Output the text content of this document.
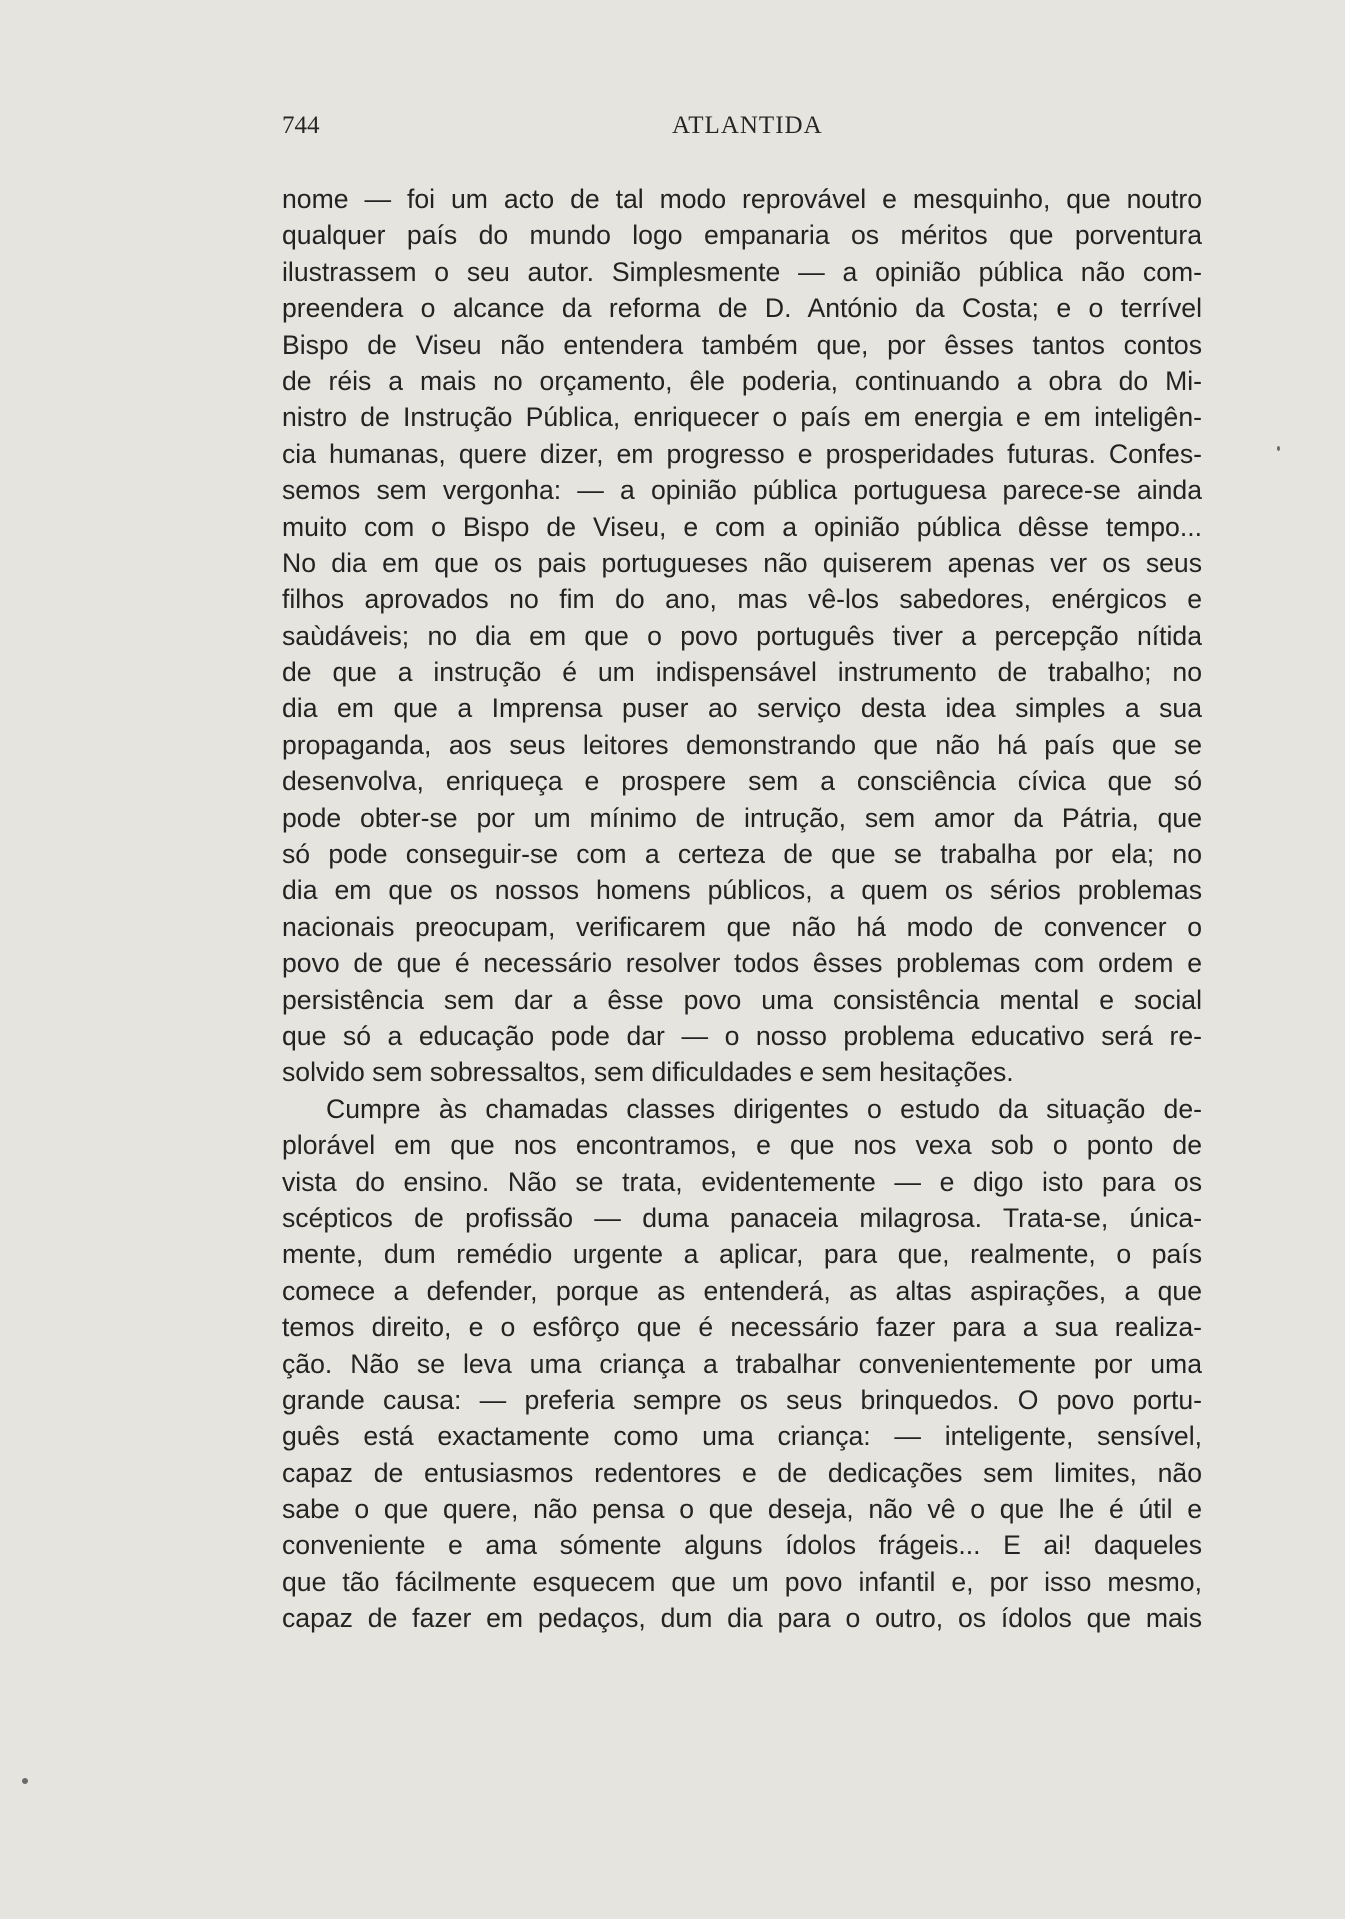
744	ATLANTIDA
nome — foi um acto de tal modo reprovável e mesquinho, que noutro
qualquer país do mundo logo empanaria os méritos que porventura
ilustrassem o seu autor. Simplesmente — a opinião pública não com-
preendera o alcance da reforma de D. António da Costa; e o terrível
Bispo de Viseu não entendera também que, por êsses tantos contos
de réis a mais no orçamento, êle poderia, continuando a obra do Mi-
nistro de Instrução Pública, enriquecer o país em energia e em inteligên-
cia humanas, quere dizer, em progresso e prosperidades futuras. Confes-
semos sem vergonha: — a opinião pública portuguesa parece-se ainda
muito com o Bispo de Viseu, e com a opinião pública dêsse tempo...
No dia em que os pais portugueses não quiserem apenas ver os seus
filhos aprovados no fim do ano, mas vê-los sabedores, enérgicos e
saùdáveis; no dia em que o povo português tiver a percepção nítida
de que a instrução é um indispensável instrumento de trabalho; no
dia em que a Imprensa puser ao serviço desta idea simples a sua
propaganda, aos seus leitores demonstrando que não há país que se
desenvolva, enriqueça e prospere sem a consciência cívica que só
pode obter-se por um mínimo de intrução, sem amor da Pátria, que
só pode conseguir-se com a certeza de que se trabalha por ela; no
dia em que os nossos homens públicos, a quem os sérios problemas
nacionais preocupam, verificarem que não há modo de convencer o
povo de que é necessário resolver todos êsses problemas com ordem e
persistência sem dar a êsse povo uma consistência mental e social
que só a educação pode dar — o nosso problema educativo será re-
solvido sem sobressaltos, sem dificuldades e sem hesitações.
Cumpre às chamadas classes dirigentes o estudo da situação de-
plorável em que nos encontramos, e que nos vexa sob o ponto de
vista do ensino. Não se trata, evidentemente — e digo isto para os
scépticos de profissão — duma panaceia milagrosa. Trata-se, únicа-
mente, dum remédio urgente a aplicar, para que, realmente, o país
comece a defender, porque as entenderá, as altas aspirações, a que
temos direito, e o esfôrço que é necessário fazer para a sua realiza-
ção. Não se leva uma criança a trabalhar convenientemente por uma
grande causa: — preferia sempre os seus brinquedos. O povo portu-
guês está exactamente como uma criança: — inteligente, sensível,
capaz de entusiasmos redentores e de dedicações sem limites, não
sabe o que quere, não pensa o que deseja, não vê o que lhe é útil e
conveniente e ama sómente alguns ídolos frágeis... E ai! daqueles
que tão fácilmente esquecem que um povo infantil e, por isso mesmo,
capaz de fazer em pedaços, dum dia para o outro, os ídolos que mais
